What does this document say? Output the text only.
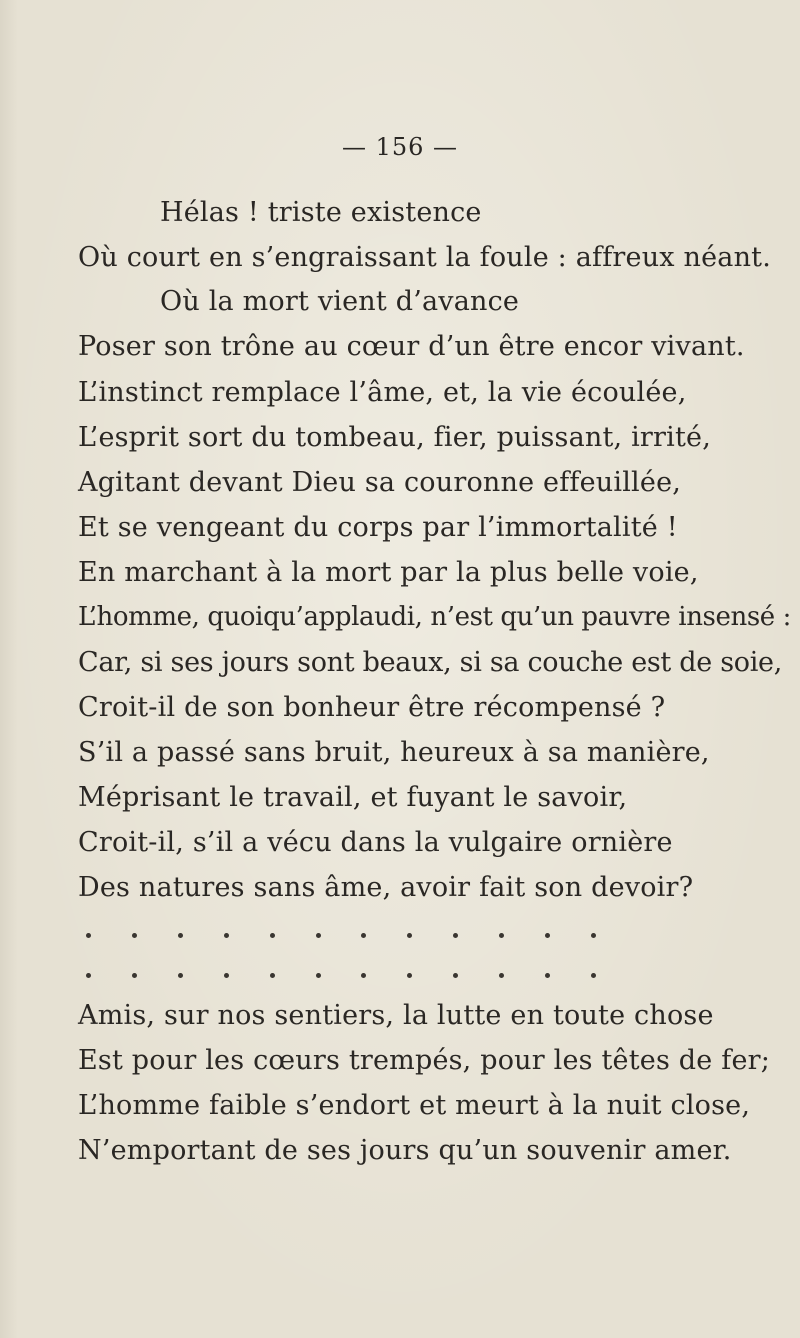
— 156 —
Hélas ! triste existence
Où court en s’engraissant la foule : affreux néant.
Où la mort vient d’avance
Poser son trône au cœur d’un être encor vivant.
L’instinct remplace l’âme, et, la vie écoulée,
L’esprit sort du tombeau, fier, puissant, irrité,
Agitant devant Dieu sa couronne effeuillée,
Et se vengeant du corps par l’immortalité !
En marchant à la mort par la plus belle voie,
L’homme, quoiqu’applaudi, n’est qu’un pauvre insensé :
Car, si ses jours sont beaux, si sa couche est de soie,
Croit-il de son bonheur être récompensé ?
S’il a passé sans bruit, heureux à sa manière,
Méprisant le travail, et fuyant le savoir,
Croit-il, s’il a vécu dans la vulgaire ornière
Des natures sans âme, avoir fait son devoir?
Amis, sur nos sentiers, la lutte en toute chose
Est pour les cœurs trempés, pour les têtes de fer;
L’homme faible s’endort et meurt à la nuit close,
N’emportant de ses jours qu’un souvenir amer.
